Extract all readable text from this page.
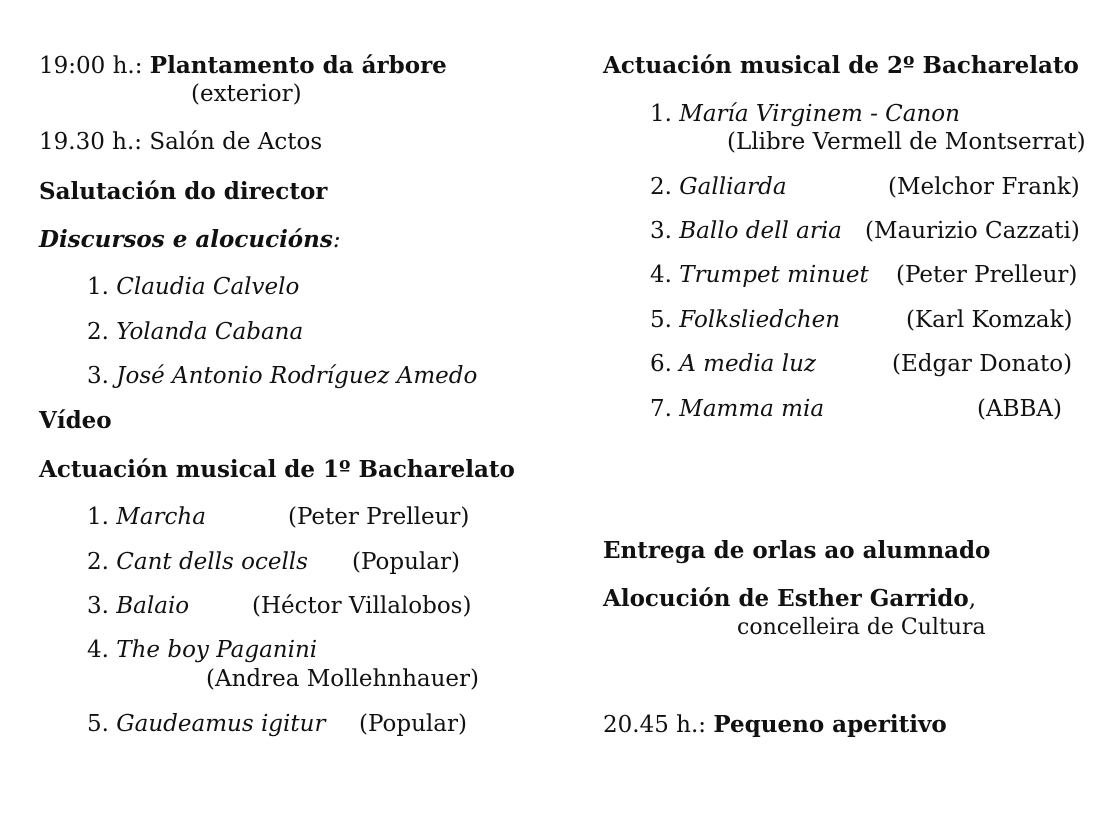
19:00 h.: Plantamento da árbore
(exterior)
19.30 h.: Salón de Actos
Salutación do director
Discursos e alocucións:
1. Claudia Calvelo
2. Yolanda Cabana
3. José Antonio Rodríguez Amedo
Vídeo
Actuación musical de 1º Bacharelato
1. Marcha	(Peter Prelleur)
2. Cant dells ocells (Popular)
3. Balaio	(Héctor Villalobos)
4. The boy Paganini
(Andrea Mollehnhauer)
5. Gaudeamus igitur (Popular)
Actuación musical de 2º Bacharelato
1. María Virginem - Canon
(Llibre Vermell de Montserrat)
2. Galliarda	(Melchor Frank)
3. Ballo dell aria (Maurizio Cazzati)
4. Trumpet minuet (Peter Prelleur)
5. Folksliedchen	(Karl Komzak)
6. A media luz	(Edgar Donato)
7. Mamma mia	(ABBA)
Entrega de orlas ao alumnado
Alocución de Esther Garrido,
concelleira de Cultura
20.45 h.: Pequeno aperitivo
